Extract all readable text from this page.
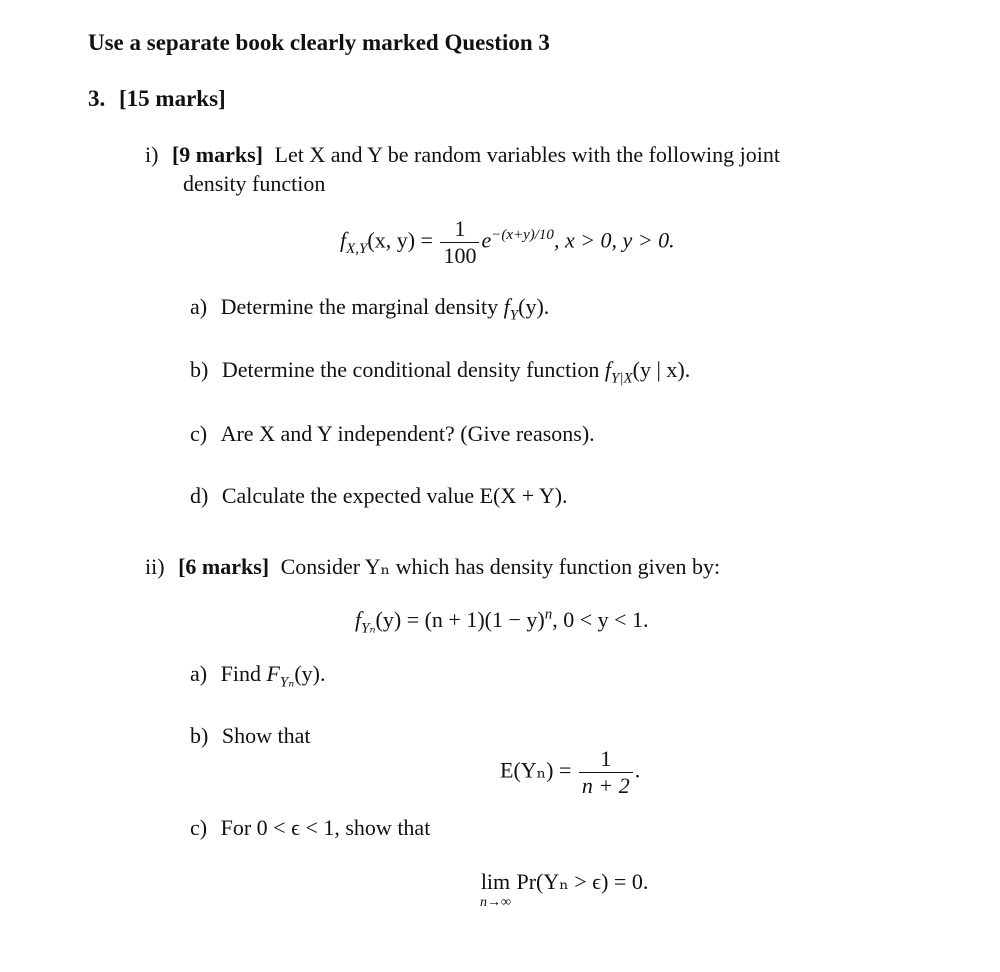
Use a separate book clearly marked Question 3
3. [15 marks]
i) [9 marks] Let X and Y be random variables with the following joint
density function
$f_{X,Y}(x$, $y) = \frac{1}{100} e^{-(x+y)/10}$, x > 0, y > 0.
a) Determine the marginal density $f_Y(y)$.
b) Determine the conditional density function $f_{Y|X}(y$ | x).
c) Are X and Y independent? (Give reasons).
d) Calculate the expected value E(X + Y).
ii) [6 marks] Consider Yₙ which has density function given by:
$f_{Y_n}(y) = (n + 1)(1 - y)^n$, 0 < y < 1.
a) Find $F_{Y_n}(y)$.
b) Show that
$E(Y_n) = \frac{1}{n + 2}$ .
c) For 0 < ϵ < 1, show that
lim
n→∞
Pr(Yₙ > ϵ) = 0.
